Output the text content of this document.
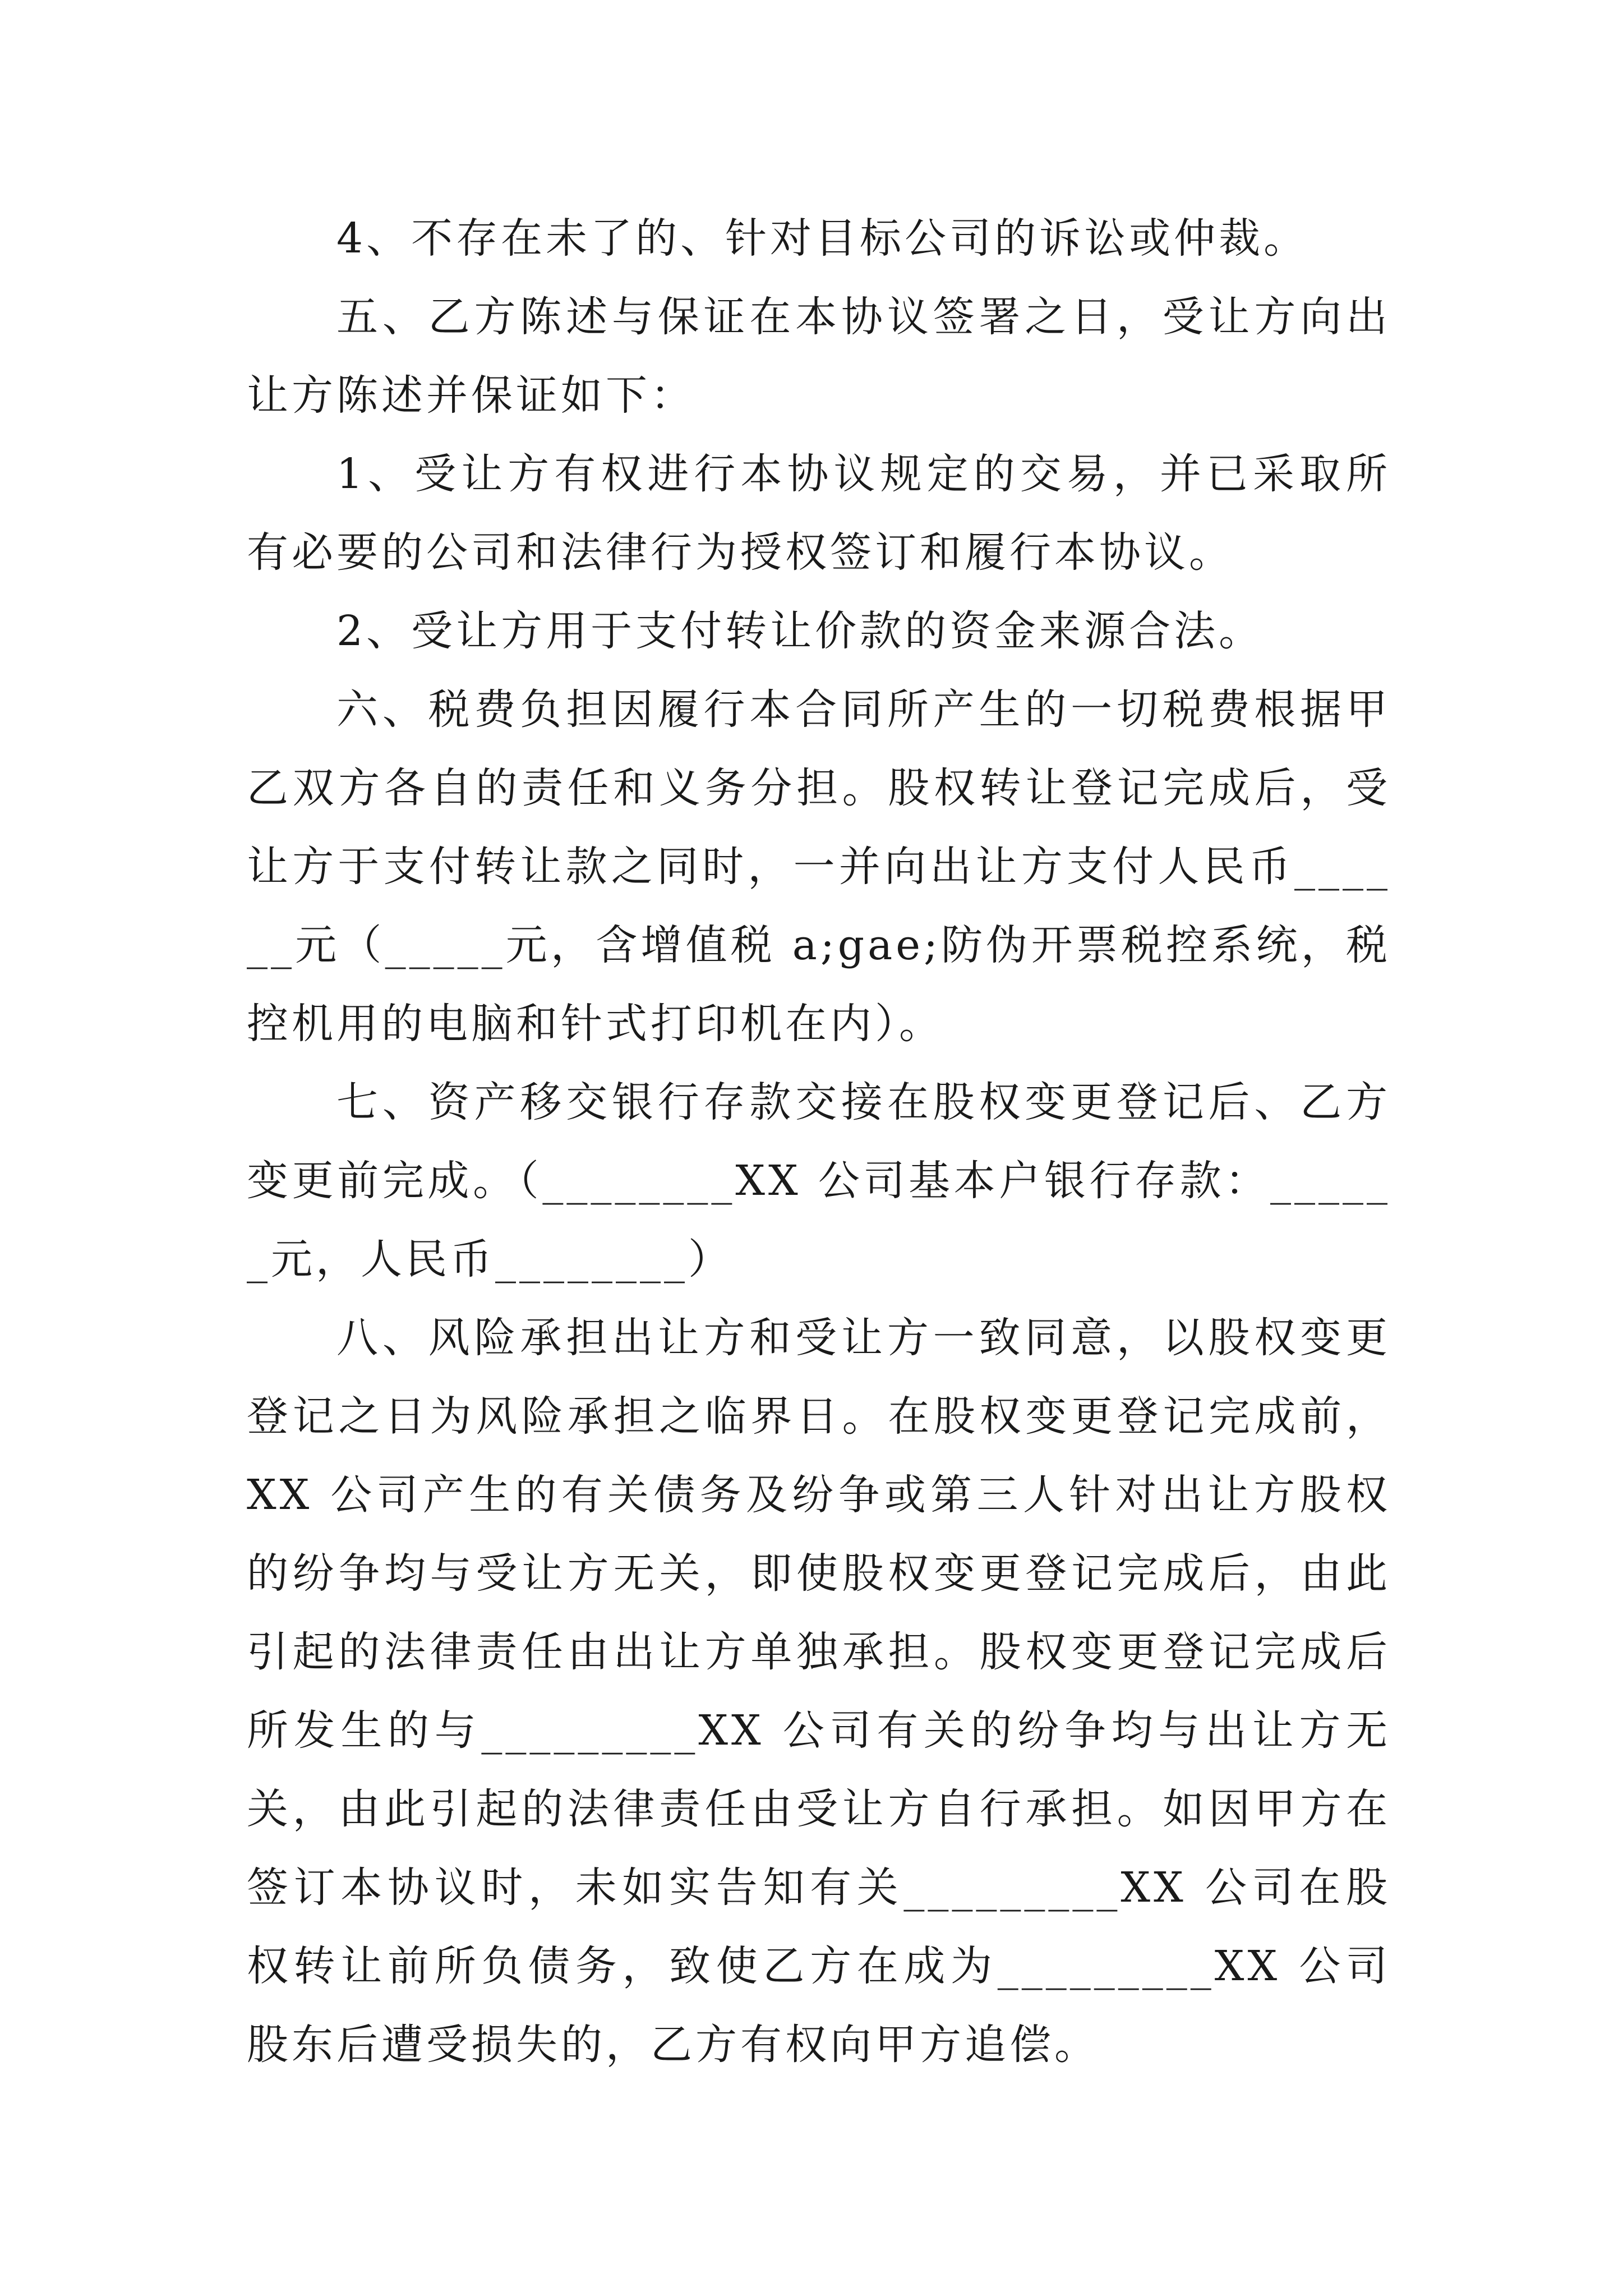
4、不存在未了的、针对目标公司的诉讼或仲裁。

五、乙方陈述与保证在本协议签署之日，受让方向出让方陈述并保证如下：

1、受让方有权进行本协议规定的交易，并已采取所有必要的公司和法律行为授权签订和履行本协议。

2、受让方用于支付转让价款的资金来源合法。

六、税费负担因履行本合同所产生的一切税费根据甲乙双方各自的责任和义务分担。股权转让登记完成后，受让方于支付转让款之同时，一并向出让方支付人民币______元（_____元，含增值税 a;gae;防伪开票税控系统，税控机用的电脑和针式打印机在内）。

七、资产移交银行存款交接在股权变更登记后、乙方变更前完成。（________XX 公司基本户银行存款：______元，人民币________）

八、风险承担出让方和受让方一致同意，以股权变更登记之日为风险承担之临界日。在股权变更登记完成前，XX 公司产生的有关债务及纷争或第三人针对出让方股权的纷争均与受让方无关，即使股权变更登记完成后，由此引起的法律责任由出让方单独承担。股权变更登记完成后所发生的与_________XX 公司有关的纷争均与出让方无关，由此引起的法律责任由受让方自行承担。如因甲方在签订本协议时，未如实告知有关_________XX 公司在股权转让前所负债务，致使乙方在成为_________XX 公司股东后遭受损失的，乙方有权向甲方追偿。
